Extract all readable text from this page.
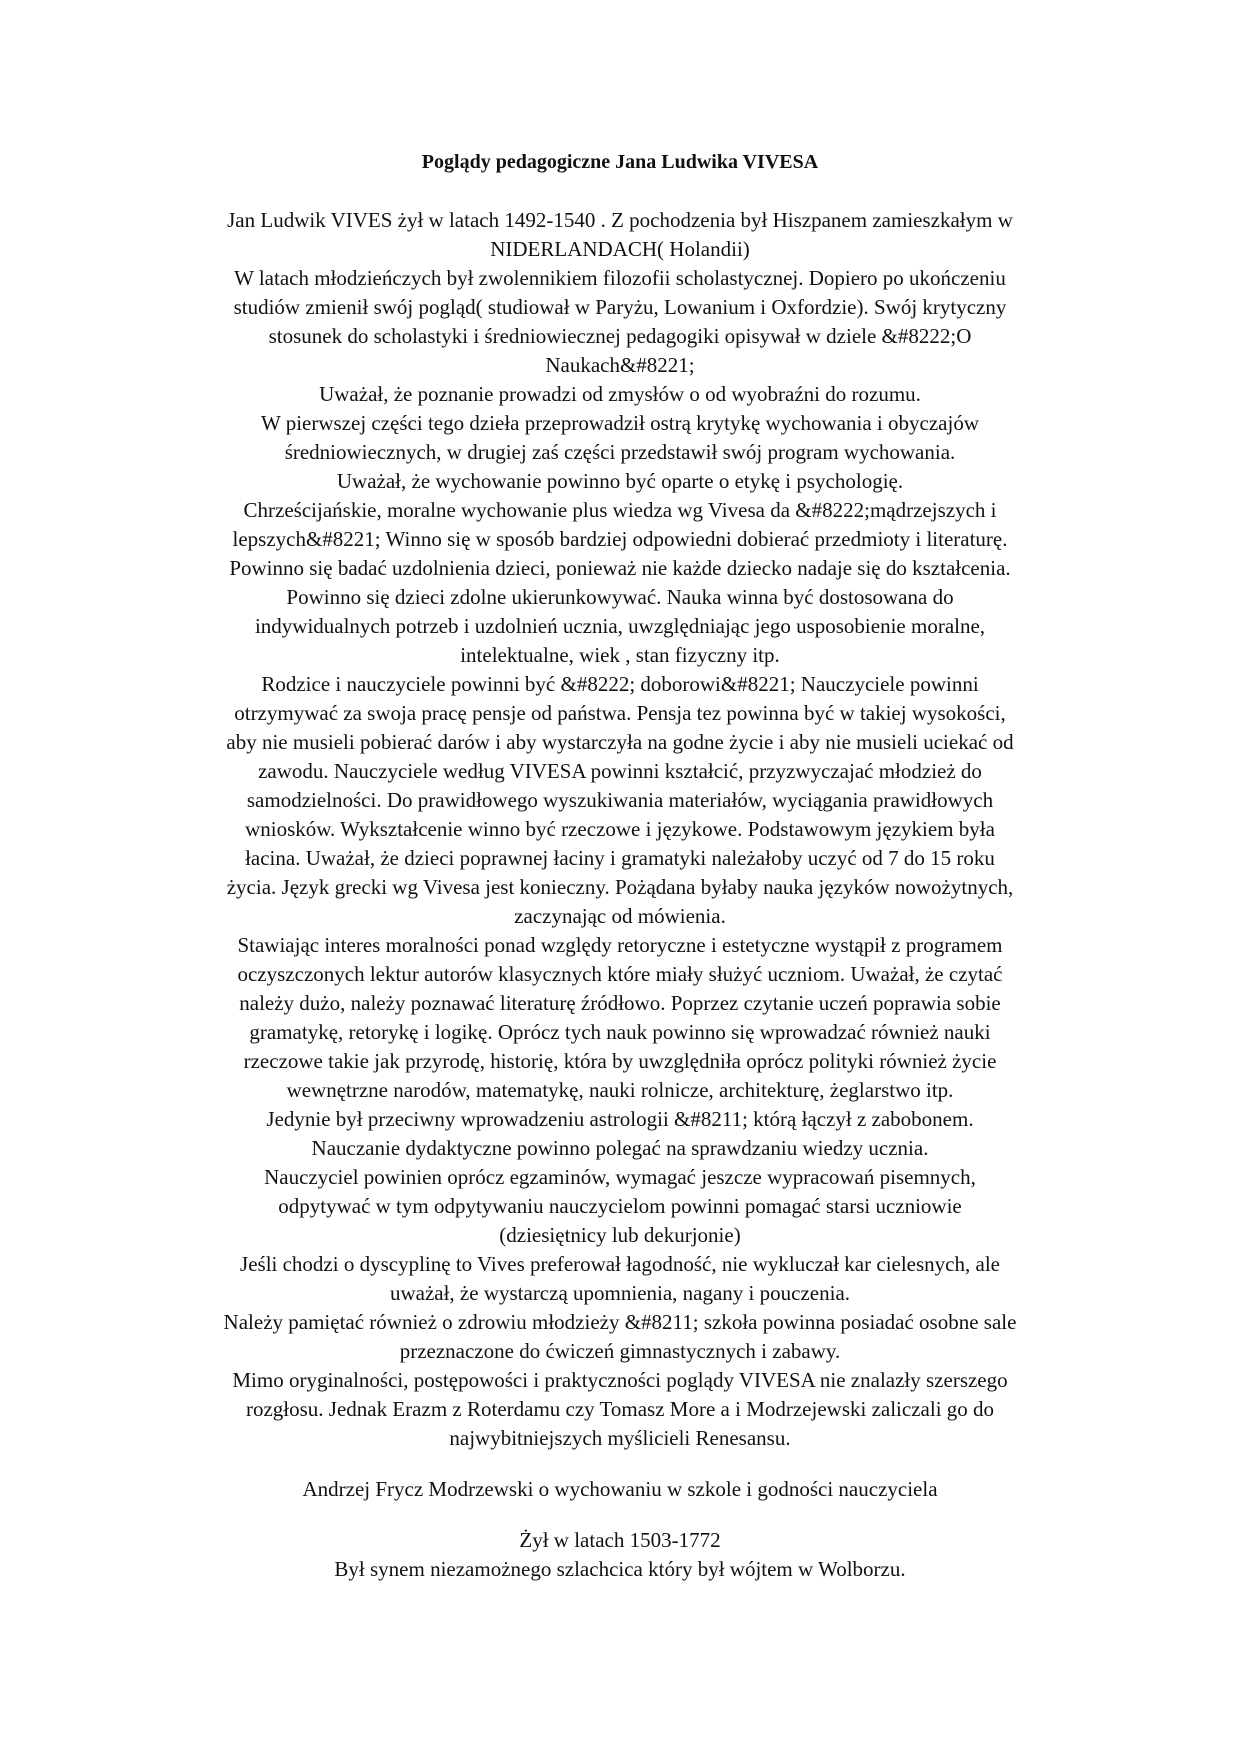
Poglądy pedagogiczne Jana Ludwika VIVESA
Jan Ludwik VIVES żył w latach 1492-1540 . Z pochodzenia był Hiszpanem zamieszkałym w
NIDERLANDACH( Holandii)
W latach młodzieńczych był zwolennikiem filozofii scholastycznej. Dopiero po ukończeniu
studiów zmienił swój pogląd( studiował w Paryżu, Lowanium i Oxfordzie). Swój krytyczny
stosunek do scholastyki i średniowiecznej pedagogiki opisywał w dziele &#8222;O
Naukach&#8221;
Uważał, że poznanie prowadzi od zmysłów o od wyobraźni do rozumu.
W pierwszej części tego dzieła przeprowadził ostrą krytykę wychowania i obyczajów
średniowiecznych, w drugiej zaś części przedstawił swój program wychowania.
Uważał, że wychowanie powinno być oparte o etykę i psychologię.
Chrześcijańskie, moralne wychowanie plus wiedza wg Vivesa da &#8222;mądrzejszych i
lepszych&#8221; Winno się w sposób bardziej odpowiedni dobierać przedmioty i literaturę.
Powinno się badać uzdolnienia dzieci, ponieważ nie każde dziecko nadaje się do kształcenia.
Powinno się dzieci zdolne ukierunkowywać. Nauka winna być dostosowana do
indywidualnych potrzeb i uzdolnień ucznia, uwzględniając jego usposobienie moralne,
intelektualne, wiek , stan fizyczny itp.
Rodzice i nauczyciele powinni być &#8222; doborowi&#8221; Nauczyciele powinni
otrzymywać za swoja pracę pensje od państwa. Pensja tez powinna być w takiej wysokości,
aby nie musieli pobierać darów i aby wystarczyła na godne życie i aby nie musieli uciekać od
zawodu. Nauczyciele według VIVESA powinni kształcić, przyzwyczajać młodzież do
samodzielności. Do prawidłowego wyszukiwania materiałów, wyciągania prawidłowych
wniosków. Wykształcenie winno być rzeczowe i językowe. Podstawowym językiem była
łacina. Uważał, że dzieci poprawnej łaciny i gramatyki należałoby uczyć od 7 do 15 roku
życia. Język grecki wg Vivesa jest konieczny. Pożądana byłaby nauka języków nowożytnych,
zaczynając od mówienia.
Stawiając interes moralności ponad względy retoryczne i estetyczne wystąpił z programem
oczyszczonych lektur autorów klasycznych które miały służyć uczniom. Uważał, że czytać
należy dużo, należy poznawać literaturę źródłowo. Poprzez czytanie uczeń poprawia sobie
gramatykę, retorykę i logikę. Oprócz tych nauk powinno się wprowadzać również nauki
rzeczowe takie jak przyrodę, historię, która by uwzględniła oprócz polityki również życie
wewnętrzne narodów, matematykę, nauki rolnicze, architekturę, żeglarstwo itp.
Jedynie był przeciwny wprowadzeniu astrologii &#8211; którą łączył z zabobonem.
Nauczanie dydaktyczne powinno polegać na sprawdzaniu wiedzy ucznia.
Nauczyciel powinien oprócz egzaminów, wymagać jeszcze wypracowań pisemnych,
odpytywać w tym odpytywaniu nauczycielom powinni pomagać starsi uczniowie
(dziesiętnicy lub dekurjonie)
Jeśli chodzi o dyscyplinę to Vives preferował łagodność, nie wykluczał kar cielesnych, ale
uważał, że wystarczą upomnienia, nagany i pouczenia.
Należy pamiętać również o zdrowiu młodzieży &#8211; szkoła powinna posiadać osobne sale
przeznaczone do ćwiczeń gimnastycznych i zabawy.
Mimo oryginalności, postępowości i praktyczności poglądy VIVESA nie znalazły szerszego
rozgłosu. Jednak Erazm z Roterdamu czy Tomasz More a i Modrzejewski zaliczali go do
najwybitniejszych myślicieli Renesansu.
Andrzej Frycz Modrzewski o wychowaniu w szkole i godności nauczyciela
Żył w latach 1503-1772
Był synem niezamożnego szlachcica który był wójtem w Wolborzu.
